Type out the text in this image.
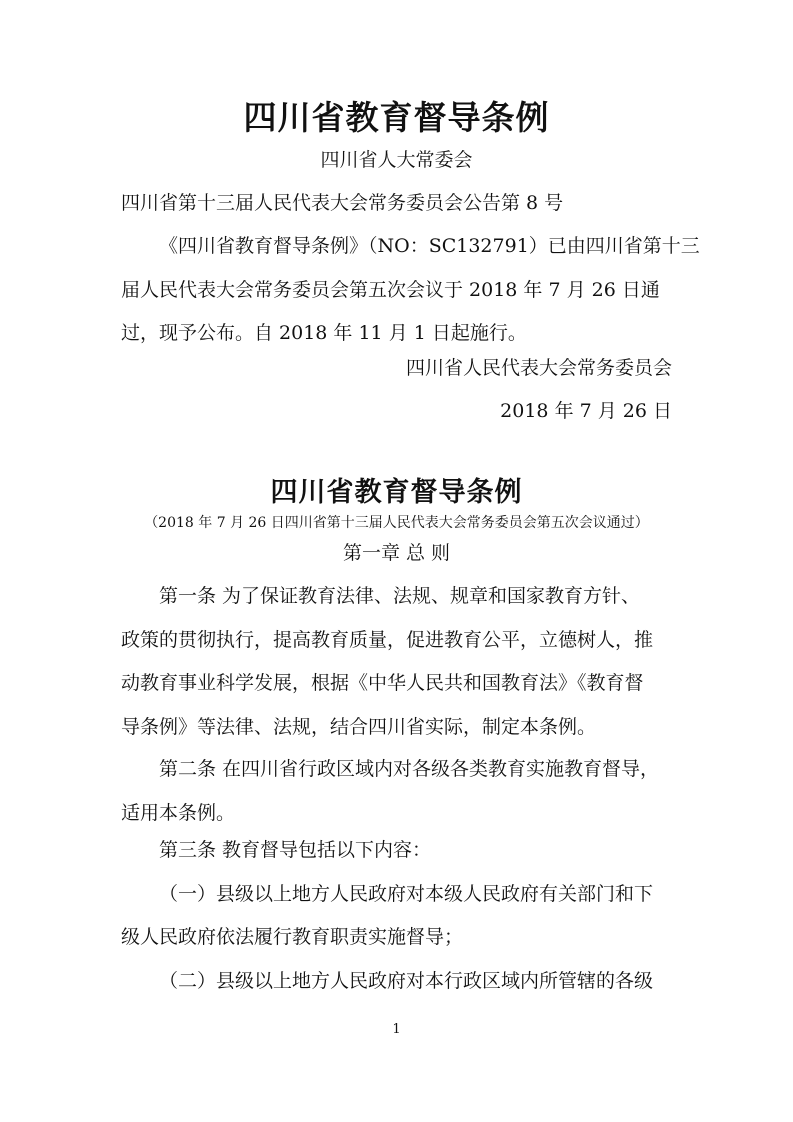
四川省教育督导条例
四川省人大常委会
四川省第十三届人民代表大会常务委员会公告第 8 号
《四川省教育督导条例》（NO：SC132791）已由四川省第十三
届人民代表大会常务委员会第五次会议于 2018 年 7 月 26 日通
过，现予公布。自 2018 年 11 月 1 日起施行。
四川省人民代表大会常务委员会
2018 年 7 月 26 日
四川省教育督导条例
（2018 年 7 月 26 日四川省第十三届人民代表大会常务委员会第五次会议通过）
第一章 总 则
第一条 为了保证教育法律、法规、规章和国家教育方针、
政策的贯彻执行，提高教育质量，促进教育公平，立德树人，推
动教育事业科学发展，根据《中华人民共和国教育法》《教育督
导条例》等法律、法规，结合四川省实际，制定本条例。
第二条 在四川省行政区域内对各级各类教育实施教育督导，
适用本条例。
第三条 教育督导包括以下内容：
（一）县级以上地方人民政府对本级人民政府有关部门和下
级人民政府依法履行教育职责实施督导；
（二）县级以上地方人民政府对本行政区域内所管辖的各级
1
